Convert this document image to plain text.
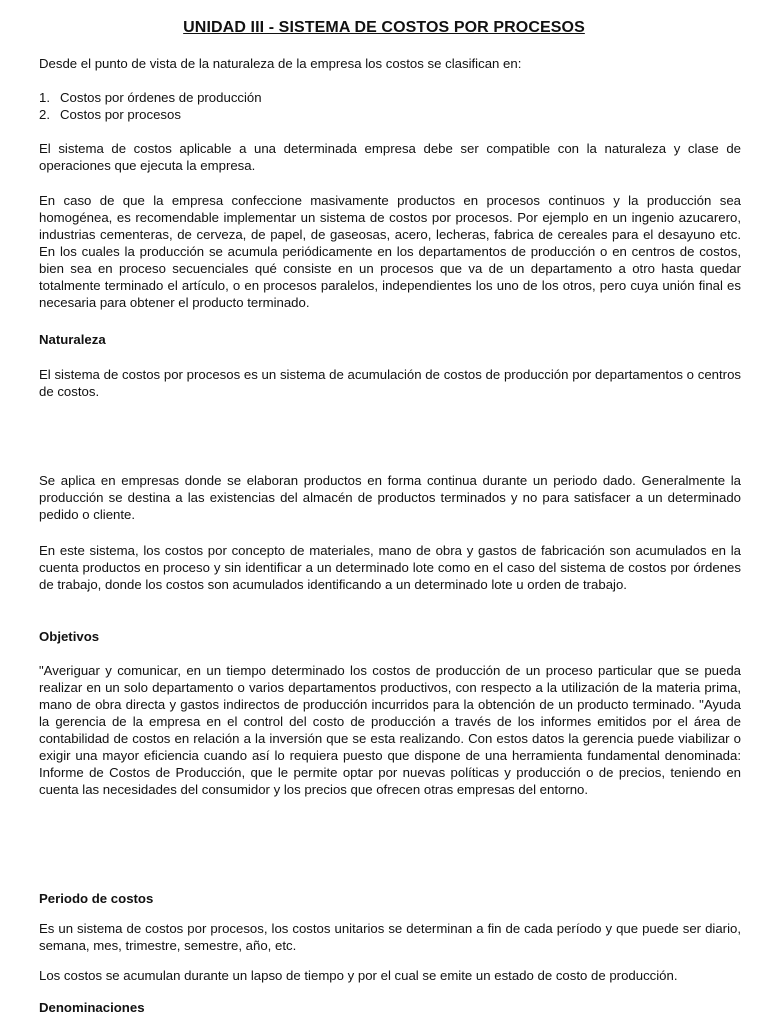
UNIDAD III - SISTEMA DE COSTOS POR PROCESOS

Desde el punto de vista de la naturaleza de la empresa los costos se clasifican en:

1. Costos por órdenes de producción
2. Costos por procesos

El sistema de costos aplicable a una determinada empresa debe ser compatible con la naturaleza y clase de operaciones que ejecuta la empresa.

En caso de que la empresa confeccione masivamente productos en procesos continuos y la producción sea homogénea, es recomendable implementar un sistema de costos por procesos. Por ejemplo en un ingenio azucarero, industrias cementeras, de cerveza, de papel, de gaseosas, acero, lecheras, fabrica de cereales para el desayuno etc. En los cuales la producción se acumula periódicamente en los departamentos de producción o en centros de costos, bien sea en proceso secuenciales qué consiste en un procesos que va de un departamento a otro hasta quedar totalmente terminado el artículo, o en procesos paralelos, independientes los uno de los otros, pero cuya unión final es necesaria para obtener el producto terminado.

Naturaleza

El sistema de costos por procesos es un sistema de acumulación de costos de producción por departamentos o centros de costos.

Se aplica en empresas donde se elaboran productos en forma continua durante un periodo dado. Generalmente la producción se destina a las existencias del almacén de productos terminados y no para satisfacer a un determinado pedido o cliente.

En este sistema, los costos por concepto de materiales, mano de obra y gastos de fabricación son acumulados en la cuenta productos en proceso y sin identificar a un determinado lote como en el caso del sistema de costos por órdenes de trabajo, donde los costos son acumulados identificando a un determinado lote u orden de trabajo.

Objetivos

"Averiguar y comunicar, en un tiempo determinado los costos de producción de un proceso particular que se pueda realizar en un solo departamento o varios departamentos productivos, con respecto a la utilización de la materia prima, mano de obra directa y gastos indirectos de producción incurridos para la obtención de un producto terminado. "Ayuda la gerencia de la empresa en el control del costo de producción a través de los informes emitidos por el área de contabilidad de costos en relación a la inversión que se esta realizando. Con estos datos la gerencia puede viabilizar o exigir una mayor eficiencia cuando así lo requiera puesto que dispone de una herramienta fundamental denominada: Informe de Costos de Producción, que le permite optar por nuevas políticas y producción o de precios, teniendo en cuenta las necesidades del consumidor y los precios que ofrecen otras empresas del entorno.

Periodo de costos

Es un sistema de costos por procesos, los costos unitarios se determinan a fin de cada período y que puede ser diario, semana, mes, trimestre, semestre, año, etc.

Los costos se acumulan durante un lapso de tiempo y por el cual se emite un estado de costo de producción.

Denominaciones
